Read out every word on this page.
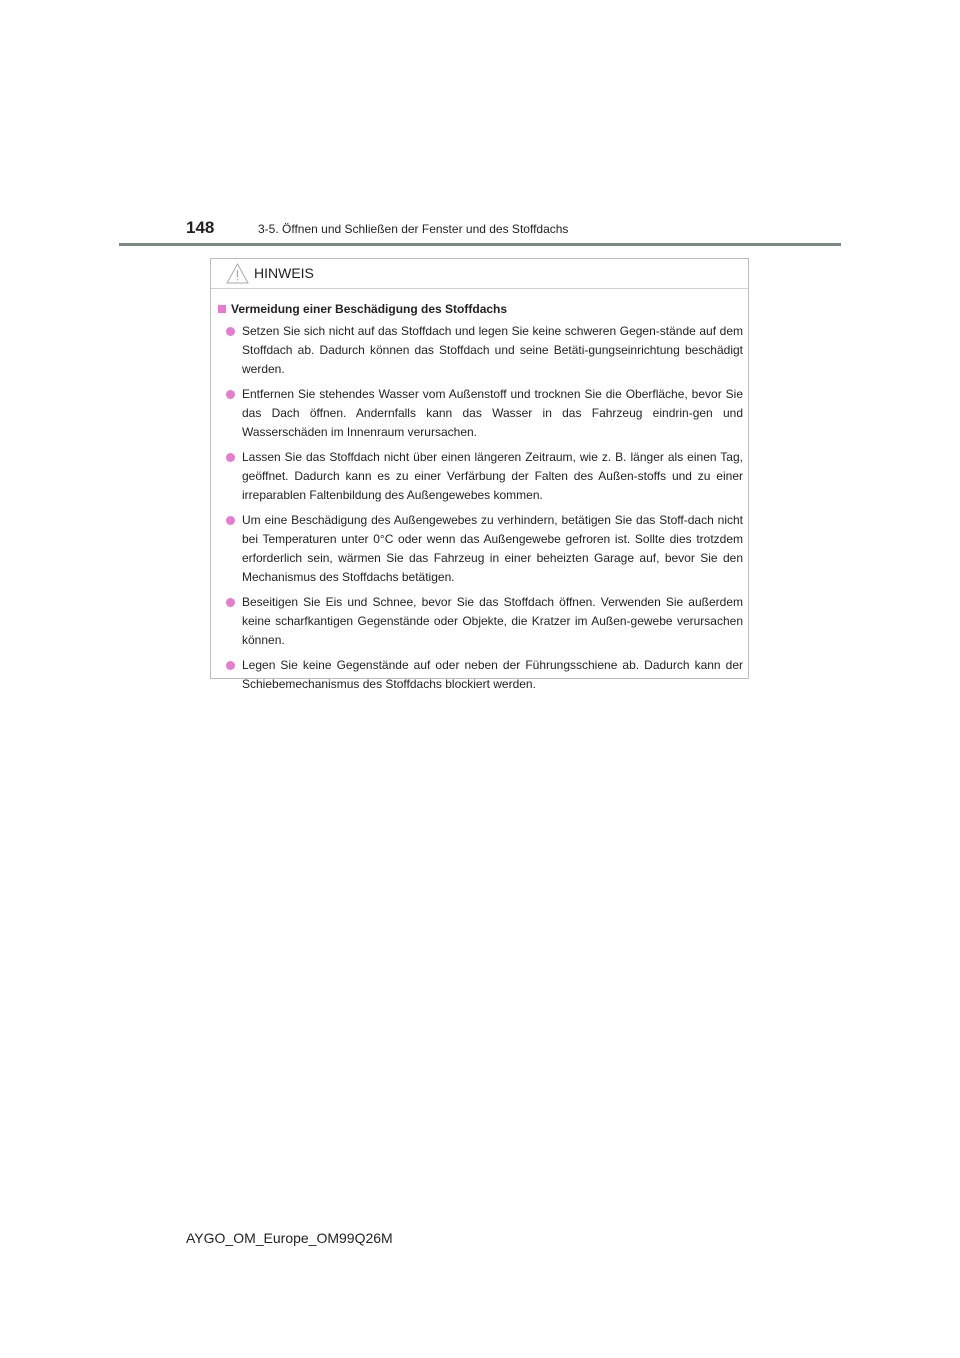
148	3-5. Öffnen und Schließen der Fenster und des Stoffdachs
HINWEIS
Vermeidung einer Beschädigung des Stoffdachs
Setzen Sie sich nicht auf das Stoffdach und legen Sie keine schweren Gegen-stände auf dem Stoffdach ab. Dadurch können das Stoffdach und seine Betäti-gungseinrichtung beschädigt werden.
Entfernen Sie stehendes Wasser vom Außenstoff und trocknen Sie die Oberfläche, bevor Sie das Dach öffnen. Andernfalls kann das Wasser in das Fahrzeug eindrin-gen und Wasserschäden im Innenraum verursachen.
Lassen Sie das Stoffdach nicht über einen längeren Zeitraum, wie z. B. länger als einen Tag, geöffnet. Dadurch kann es zu einer Verfärbung der Falten des Außen-stoffs und zu einer irreparablen Faltenbildung des Außengewebes kommen.
Um eine Beschädigung des Außengewebes zu verhindern, betätigen Sie das Stoff-dach nicht bei Temperaturen unter 0°C oder wenn das Außengewebe gefroren ist. Sollte dies trotzdem erforderlich sein, wärmen Sie das Fahrzeug in einer beheizten Garage auf, bevor Sie den Mechanismus des Stoffdachs betätigen.
Beseitigen Sie Eis und Schnee, bevor Sie das Stoffdach öffnen. Verwenden Sie außerdem keine scharfkantigen Gegenstände oder Objekte, die Kratzer im Außen-gewebe verursachen können.
Legen Sie keine Gegenstände auf oder neben der Führungsschiene ab. Dadurch kann der Schiebemechanismus des Stoffdachs blockiert werden.
AYGO_OM_Europe_OM99Q26M
